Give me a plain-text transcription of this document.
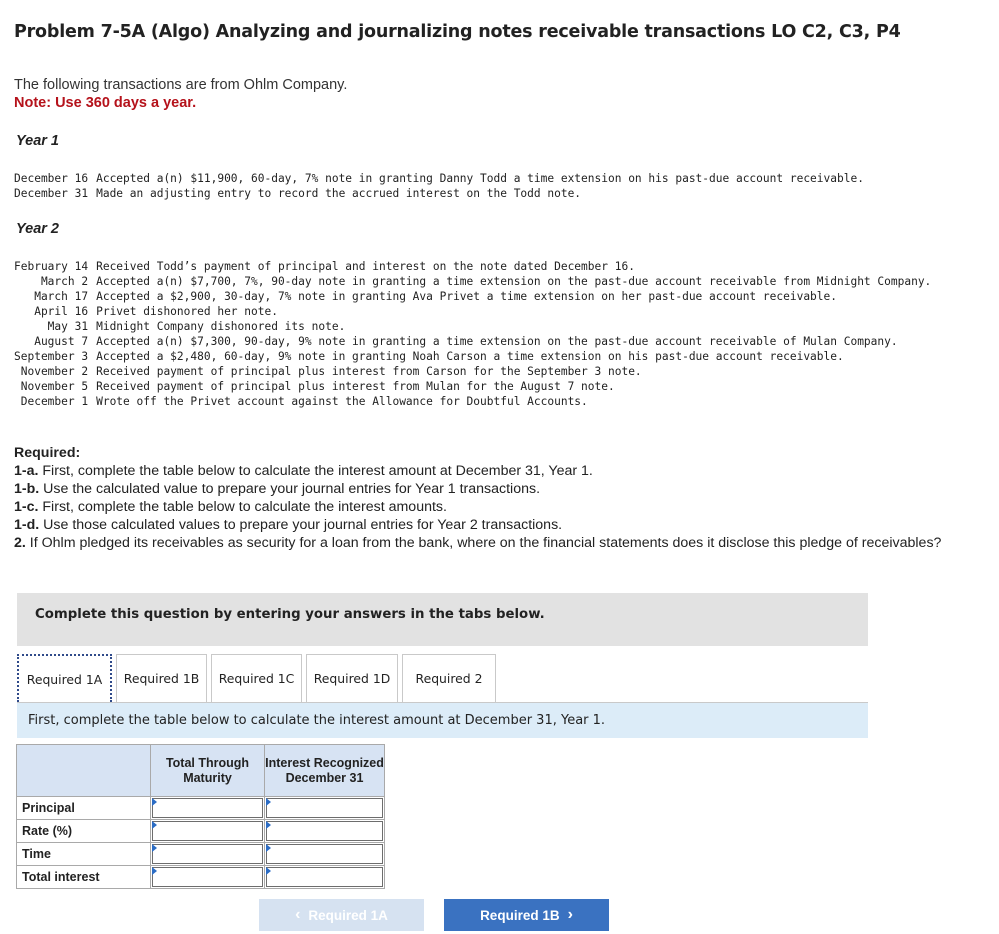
Problem 7-5A (Algo) Analyzing and journalizing notes receivable transactions LO C2, C3, P4
The following transactions are from Ohlm Company.
Note: Use 360 days a year.
Year 1
December 16	Accepted a(n) $11,900, 60-day, 7% note in granting Danny Todd a time extension on his past-due account receivable.
December 31	Made an adjusting entry to record the accrued interest on the Todd note.
Year 2
February 14	Received Todd’s payment of principal and interest on the note dated December 16.
March 2	Accepted a(n) $7,700, 7%, 90-day note in granting a time extension on the past-due account receivable from Midnight Company.
March 17	Accepted a $2,900, 30-day, 7% note in granting Ava Privet a time extension on her past-due account receivable.
April 16	Privet dishonored her note.
May 31	Midnight Company dishonored its note.
August 7	Accepted a(n) $7,300, 90-day, 9% note in granting a time extension on the past-due account receivable of Mulan Company.
September 3	Accepted a $2,480, 60-day, 9% note in granting Noah Carson a time extension on his past-due account receivable.
November 2	Received payment of principal plus interest from Carson for the September 3 note.
November 5	Received payment of principal plus interest from Mulan for the August 7 note.
December 1	Wrote off the Privet account against the Allowance for Doubtful Accounts.
Required:
1-a. First, complete the table below to calculate the interest amount at December 31, Year 1.
1-b. Use the calculated value to prepare your journal entries for Year 1 transactions.
1-c. First, complete the table below to calculate the interest amounts.
1-d. Use those calculated values to prepare your journal entries for Year 2 transactions.
2. If Ohlm pledged its receivables as security for a loan from the bank, where on the financial statements does it disclose this pledge of receivables?
Complete this question by entering your answers in the tabs below.
Required 1A	Required 1B	Required 1C	Required 1D	Required 2
First, complete the table below to calculate the interest amount at December 31, Year 1.
	Total Through Maturity	Interest Recognized December 31
Principal		
Rate (%)		
Time		
Total interest		
‹ Required 1A	Required 1B ›
